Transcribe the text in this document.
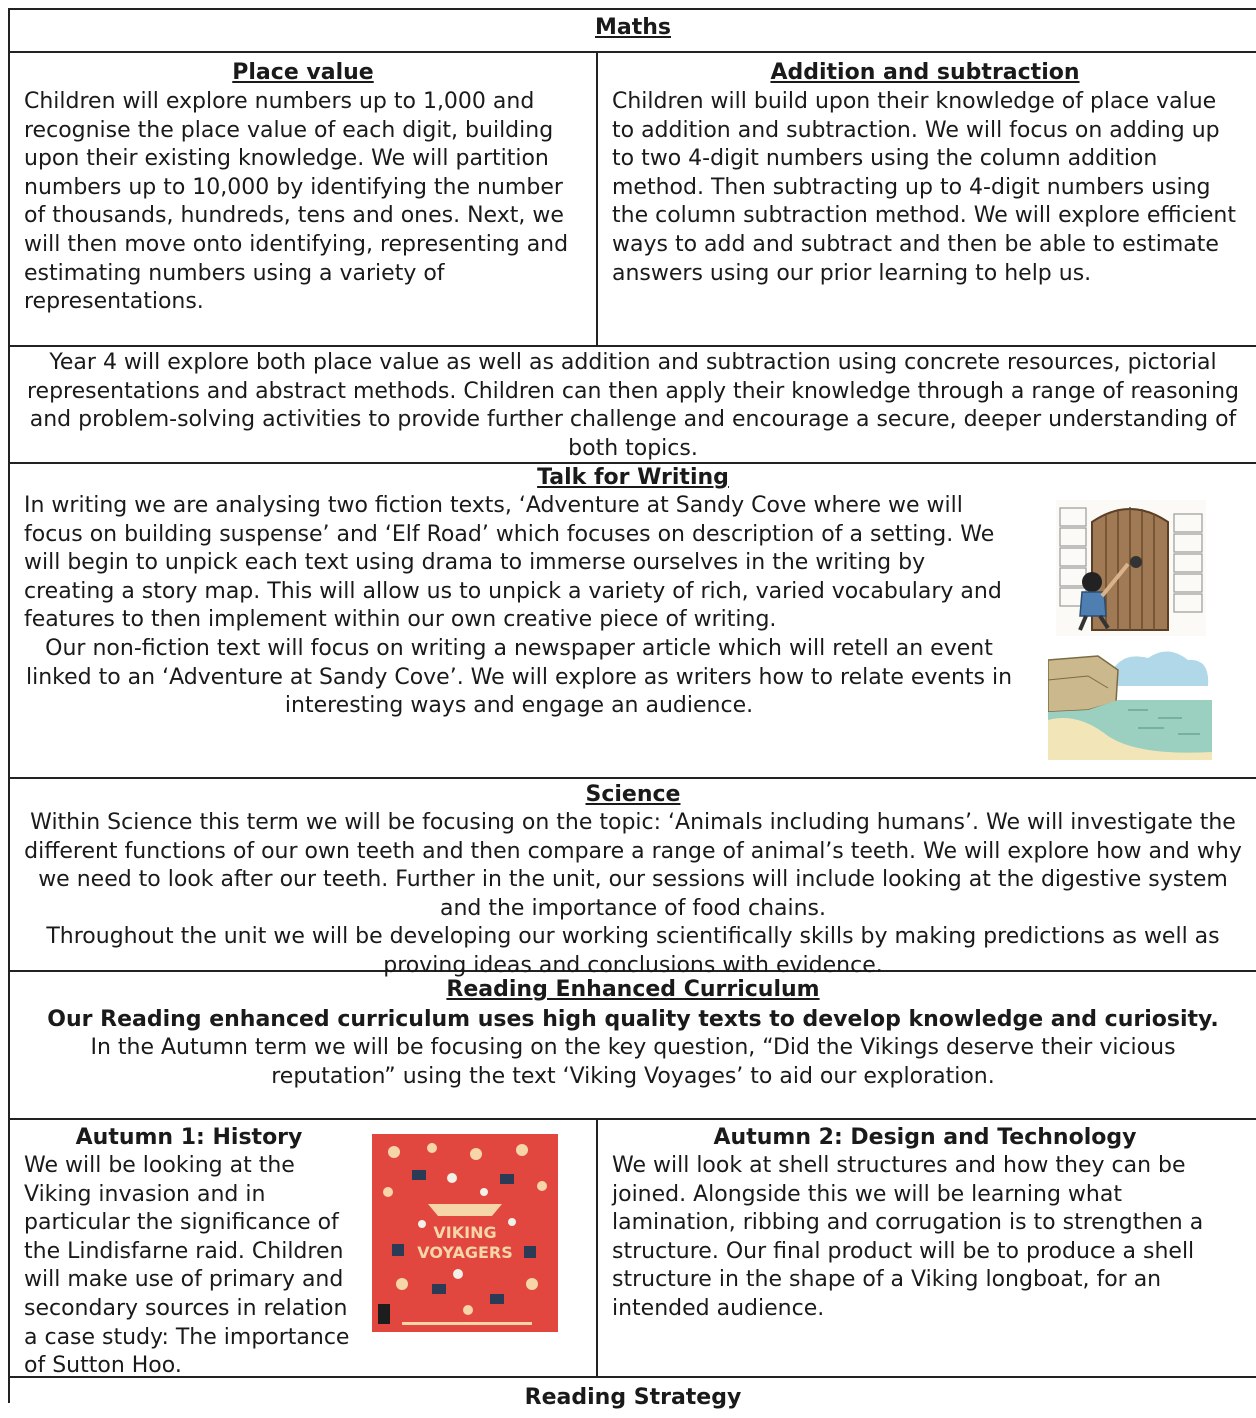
Maths
Place value

Children will explore numbers up to 1,000 and recognise the place value of each digit, building upon their existing knowledge. We will partition numbers up to 10,000 by identifying the number of thousands, hundreds, tens and ones. Next, we will then move onto identifying, representing and estimating numbers using a variety of representations.

Addition and subtraction

Children will build upon their knowledge of place value to addition and subtraction. We will focus on adding up to two 4-digit numbers using the column addition method. Then subtracting up to 4-digit numbers using the column subtraction method. We will explore efficient ways to add and subtract and then be able to estimate answers using our prior learning to help us.

Year 4 will explore both place value as well as addition and subtraction using concrete resources, pictorial representations and abstract methods. Children can then apply their knowledge through a range of reasoning and problem-solving activities to provide further challenge and encourage a secure, deeper understanding of both topics.

Talk for Writing

In writing we are analysing two fiction texts, ‘Adventure at Sandy Cove where we will focus on building suspense’ and ‘Elf Road’ which focuses on description of a setting. We will begin to unpick each text using drama to immerse ourselves in the writing by creating a story map. This will allow us to unpick a variety of rich, varied vocabulary and features to then implement within our own creative piece of writing.

Our non-fiction text will focus on writing a newspaper article which will retell an event linked to an ‘Adventure at Sandy Cove’. We will explore as writers how to relate events in interesting ways and engage an audience.

Science

Within Science this term we will be focusing on the topic: ‘Animals including humans’. We will investigate the different functions of our own teeth and then compare a range of animal’s teeth. We will explore how and why we need to look after our teeth. Further in the unit, our sessions will include looking at the digestive system and the importance of food chains.

Throughout the unit we will be developing our working scientifically skills by making predictions as well as proving ideas and conclusions with evidence.

Reading Enhanced Curriculum
Our Reading enhanced curriculum uses high quality texts to develop knowledge and curiosity.

In the Autumn term we will be focusing on the key question, “Did the Vikings deserve their vicious reputation” using the text ‘Viking Voyages’ to aid our exploration.

Autumn 1: History

We will be looking at the Viking invasion and in particular the significance of the Lindisfarne raid. Children will make use of primary and secondary sources in relation a case study: The importance of Sutton Hoo.

VIKING
VOYAGERS
Autumn 2: Design and Technology

We will look at shell structures and how they can be joined. Alongside this we will be learning what lamination, ribbing and corrugation is to strengthen a structure. Our final product will be to produce a shell structure in the shape of a Viking longboat, for an intended audience.

Reading Strategy
